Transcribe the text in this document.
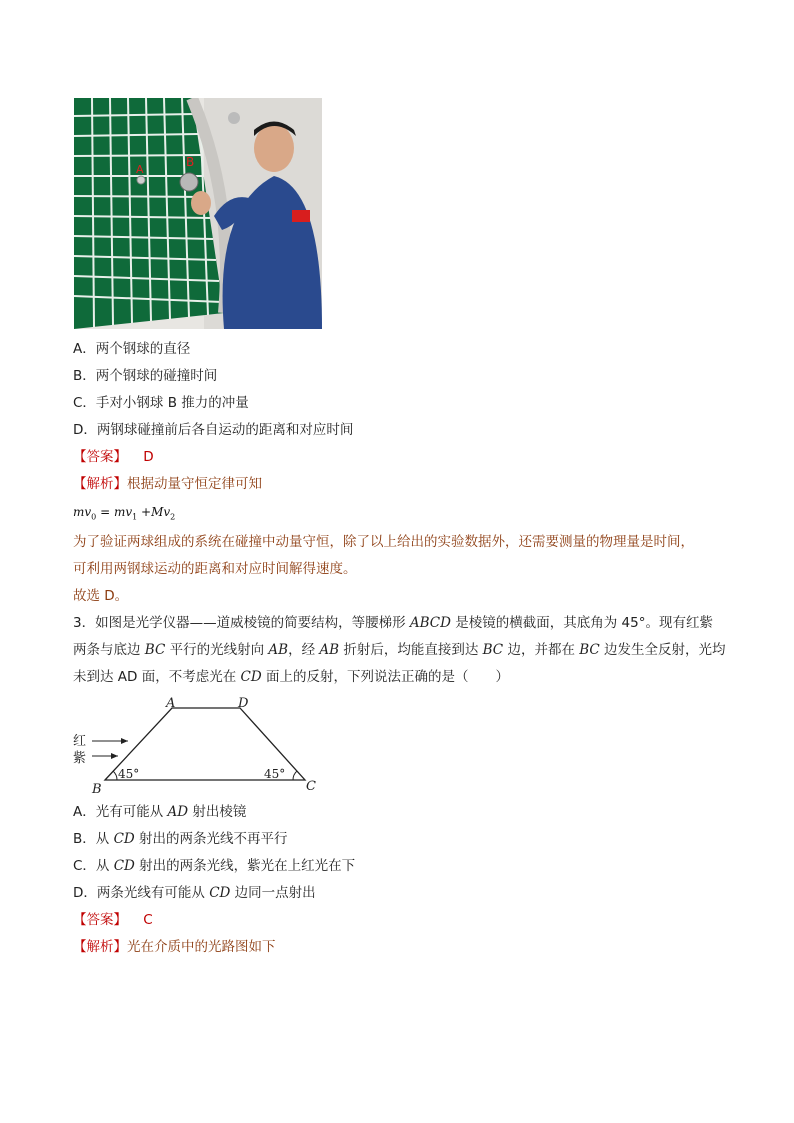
A
B
A．两个钢球的直径
B．两个钢球的碰撞时间
C．手对小钢球 B 推力的冲量
D．两钢球碰撞前后各自运动的距离和对应时间
【答案】 D
【解析】根据动量守恒定律可知
$mv_0 = mv_1 +Mv_2$
为了验证两球组成的系统在碰撞中动量守恒，除了以上给出的实验数据外，还需要测量的物理量是时间，
可利用两钢球运动的距离和对应时间解得速度。
故选 D。
3．如图是光学仪器——道威棱镜的简要结构，等腰梯形 ABCD 是棱镜的横截面，其底角为 45°。现有红紫
两条与底边 BC 平行的光线射向 AB，经 AB 折射后，均能直接到达 BC 边，并都在 BC 边发生全反射，光均
未到达 AD 面，不考虑光在 CD 面上的反射，下列说法正确的是（　　）
红
紫
A	D
B	C
45°	45°
A．光有可能从 AD 射出棱镜
B．从 CD 射出的两条光线不再平行
C．从 CD 射出的两条光线，紫光在上红光在下
D．两条光线有可能从 CD 边同一点射出
【答案】 C
【解析】光在介质中的光路图如下
